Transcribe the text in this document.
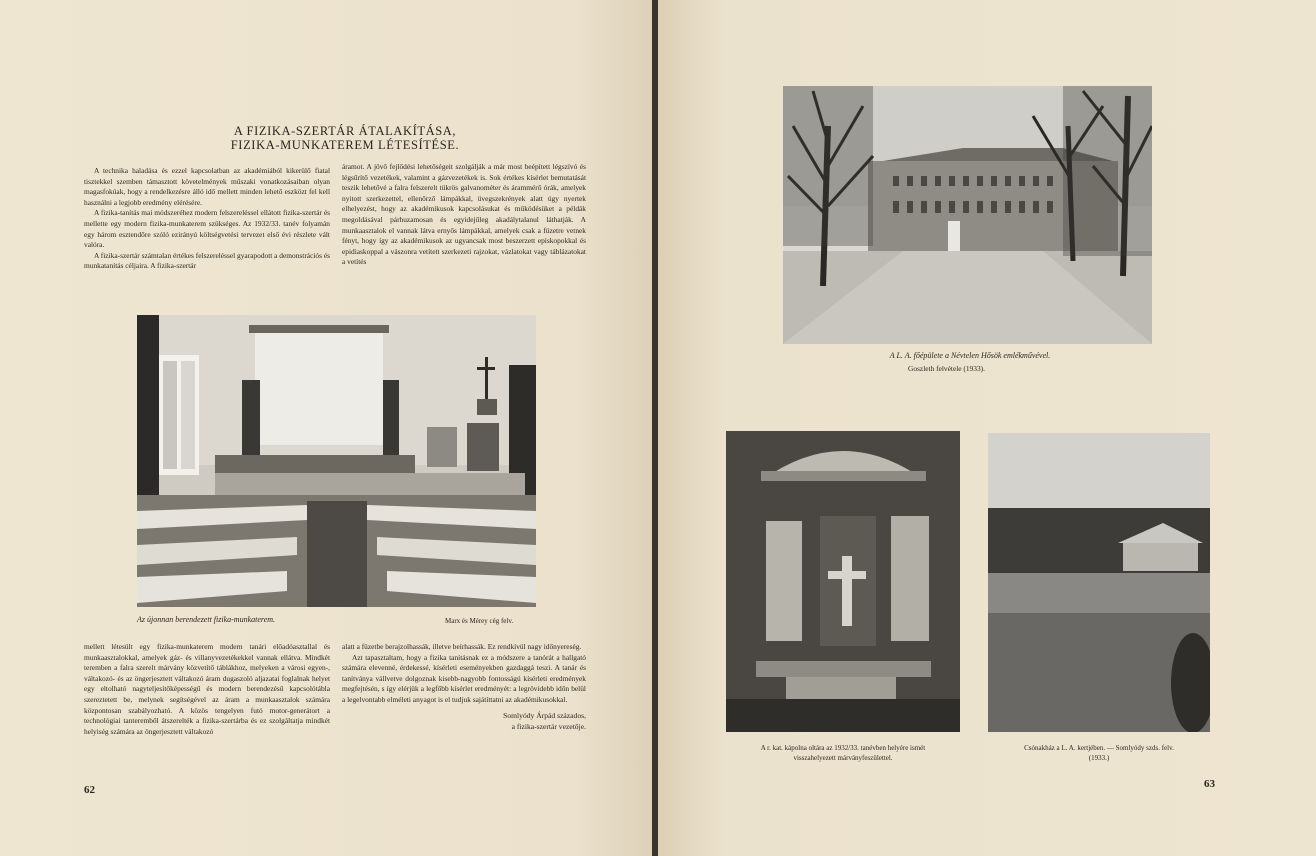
A FIZIKA-SZERTÁR ÁTALAKÍTÁSA,
FIZIKA-MUNKATEREM LÉTESÍTÉSE.

A technika haladása és ezzel kapcsolatban az akadémiából kikerülő fiatal tisztekkel szemben támasztott követelmények műszaki vonatkozásaiban olyan magasfokúak, hogy a rendelkezésre álló idő mellett minden lehető eszközt fel kell használni a legjobb eredmény elérésére.

A fizika-tanítás mai módszeréhez modern felszereléssel ellátott fizika-szertár és mellette egy modern fizika-munkaterem szükséges. Az 1932/33. tanév folyamán egy három esztendőre szóló ezirányú költségvetési tervezet első évi részlete vált valóra.

A fizika-szertár számtalan értékes felszereléssel gyarapodott a demonstrációs és munkatanítás céljaira. A fizika-szertár

áramot. A jövő fejlődési lehetőségeit szolgálják a már most beépített légszívó és légsűrítő vezetékek, valamint a gázvezetékek is. Sok értékes kísérlet bemutatását teszik lehetővé a falra felszerelt tükrös galvanométer és árammérő órák, amelyek nyitott szerkezettel, ellenőrző lámpákkal, üvegszekrények alatt úgy nyertek elhelyezést, hogy az akadémikusok kapcsolásukat és működésüket a példák megoldásával párhuzamosan és egyidejűleg akadálytalanul láthatják. A munkaasztalok el vannak látva ernyős lámpákkal, amelyek csak a füzetre vetnek fényt, hogy így az akadémikusok az ugyancsak most beszerzett episkopokkal és epidiaskoppal a vászonra vetített szerkezeti rajzokat, vázlatokat vagy táblázatokat a vetítés

Az újonnan berendezett fizika-munkaterem.	Marx és Mérey cég felv.

mellett létesült egy fizika-munkaterem modern tanári előadóasztallal és munkaasztalokkal, amelyek gáz- és villanyvezetékekkel vannak ellátva. Mindkét teremben a falra szerelt márvány közvetítő táblákhoz, melyeken a városi egyen-, váltakozó- és az öngerjesztett váltakozó áram dugaszoló aljazatai foglalnak helyet egy eltolható nagyteljesítőképességű és modern berendezésű kapcsolótábla szereztetett be, melynek segítségével az áram a munkaasztalok számára központosan szabályozható. A közös tengelyen futó motor-generátort a technológiai tanteremből átszerelték a fizika-szertárba és ez szolgáltatja mindkét helyiség számára az öngerjesztett váltakozó

alatt a füzetbe berajzolhassák, illetve beírhassák. Ez rendkívül nagy időnyereség.

Azt tapasztaltam, hogy a fizika tanításnak ez a módszere a tanórát a hallgató számára elevenné, érdekessé, kísérleti eseményekben gazdaggá teszi. A tanár és tanítványa vállvetve dolgoznak kisebb-nagyobb fontosságú kísérleti eredmények megfejtésén, s így elérjük a legfőbb kísérlet eredményét: a legrövidebb időn belül a legelvontabb elméleti anyagot is el tudjuk sajátíttatni az akadémikusokkal.

Somlyódy Árpád százados,
a fizika-szertár vezetője.
62
A L. A. főépülete a Névtelen Hősök emlékművével.
Goszleth felvétele (1933).
A r. kat. kápolna oltára az 1932/33. tanévben helyére ismét
visszahelyezett márványfeszülettel.
Csónakház a L. A. kertjében. — Somlyódy szds. felv.
(1933.)
63
